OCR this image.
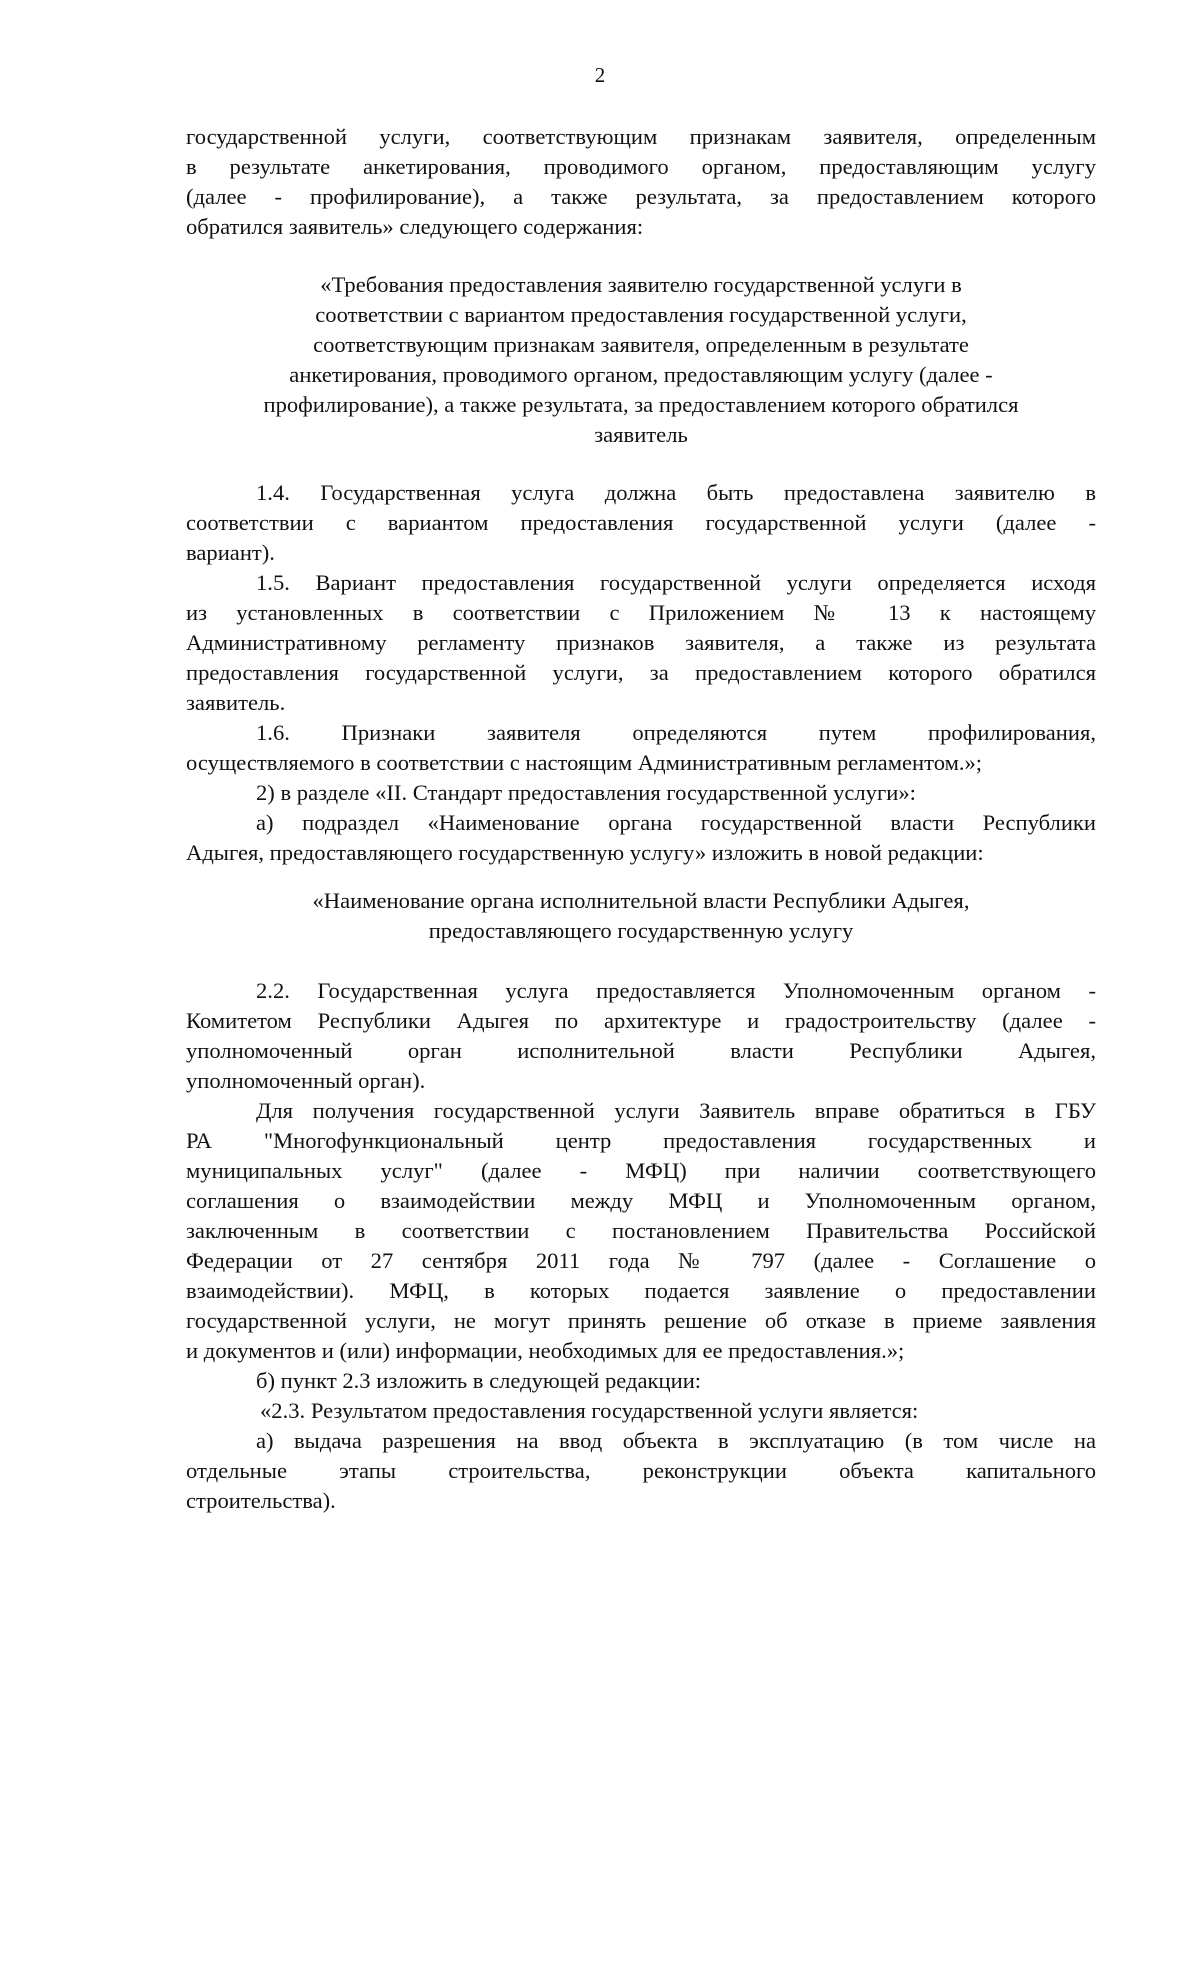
2
государственной услуги, соответствующим признакам заявителя, определенным
в результате анкетирования, проводимого органом, предоставляющим услугу
(далее - профилирование), а также результата, за предоставлением которого
обратился заявитель» следующего содержания:
«Требования предоставления заявителю государственной услуги в
соответствии с вариантом предоставления государственной услуги,
соответствующим признакам заявителя, определенным в результате
анкетирования, проводимого органом, предоставляющим услугу (далее -
профилирование), а также результата, за предоставлением которого обратился
заявитель
1.4. Государственная услуга должна быть предоставлена заявителю в
соответствии с вариантом предоставления государственной услуги (далее -
вариант).
1.5. Вариант предоставления государственной услуги определяется исходя
из установленных в соответствии с Приложением № 13 к настоящему
Административному регламенту признаков заявителя, а также из результата
предоставления государственной услуги, за предоставлением которого обратился
заявитель.
1.6. Признаки заявителя определяются путем профилирования,
осуществляемого в соответствии с настоящим Административным регламентом.»;
2) в разделе «II. Стандарт предоставления государственной услуги»:
а) подраздел «Наименование органа государственной власти Республики
Адыгея, предоставляющего государственную услугу» изложить в новой редакции:
«Наименование органа исполнительной власти Республики Адыгея,
предоставляющего государственную услугу
2.2. Государственная услуга предоставляется Уполномоченным органом -
Комитетом Республики Адыгея по архитектуре и градостроительству (далее -
уполномоченный орган исполнительной власти Республики Адыгея,
уполномоченный орган).
Для получения государственной услуги Заявитель вправе обратиться в ГБУ
РА "Многофункциональный центр предоставления государственных и
муниципальных услуг" (далее - МФЦ) при наличии соответствующего
соглашения о взаимодействии между МФЦ и Уполномоченным органом,
заключенным в соответствии с постановлением Правительства Российской
Федерации от 27 сентября 2011 года № 797 (далее - Соглашение о
взаимодействии). МФЦ, в которых подается заявление о предоставлении
государственной услуги, не могут принять решение об отказе в приеме заявления
и документов и (или) информации, необходимых для ее предоставления.»;
б) пункт 2.3 изложить в следующей редакции:
«2.3. Результатом предоставления государственной услуги является:
а) выдача разрешения на ввод объекта в эксплуатацию (в том числе на
отдельные этапы строительства, реконструкции объекта капитального
строительства).
